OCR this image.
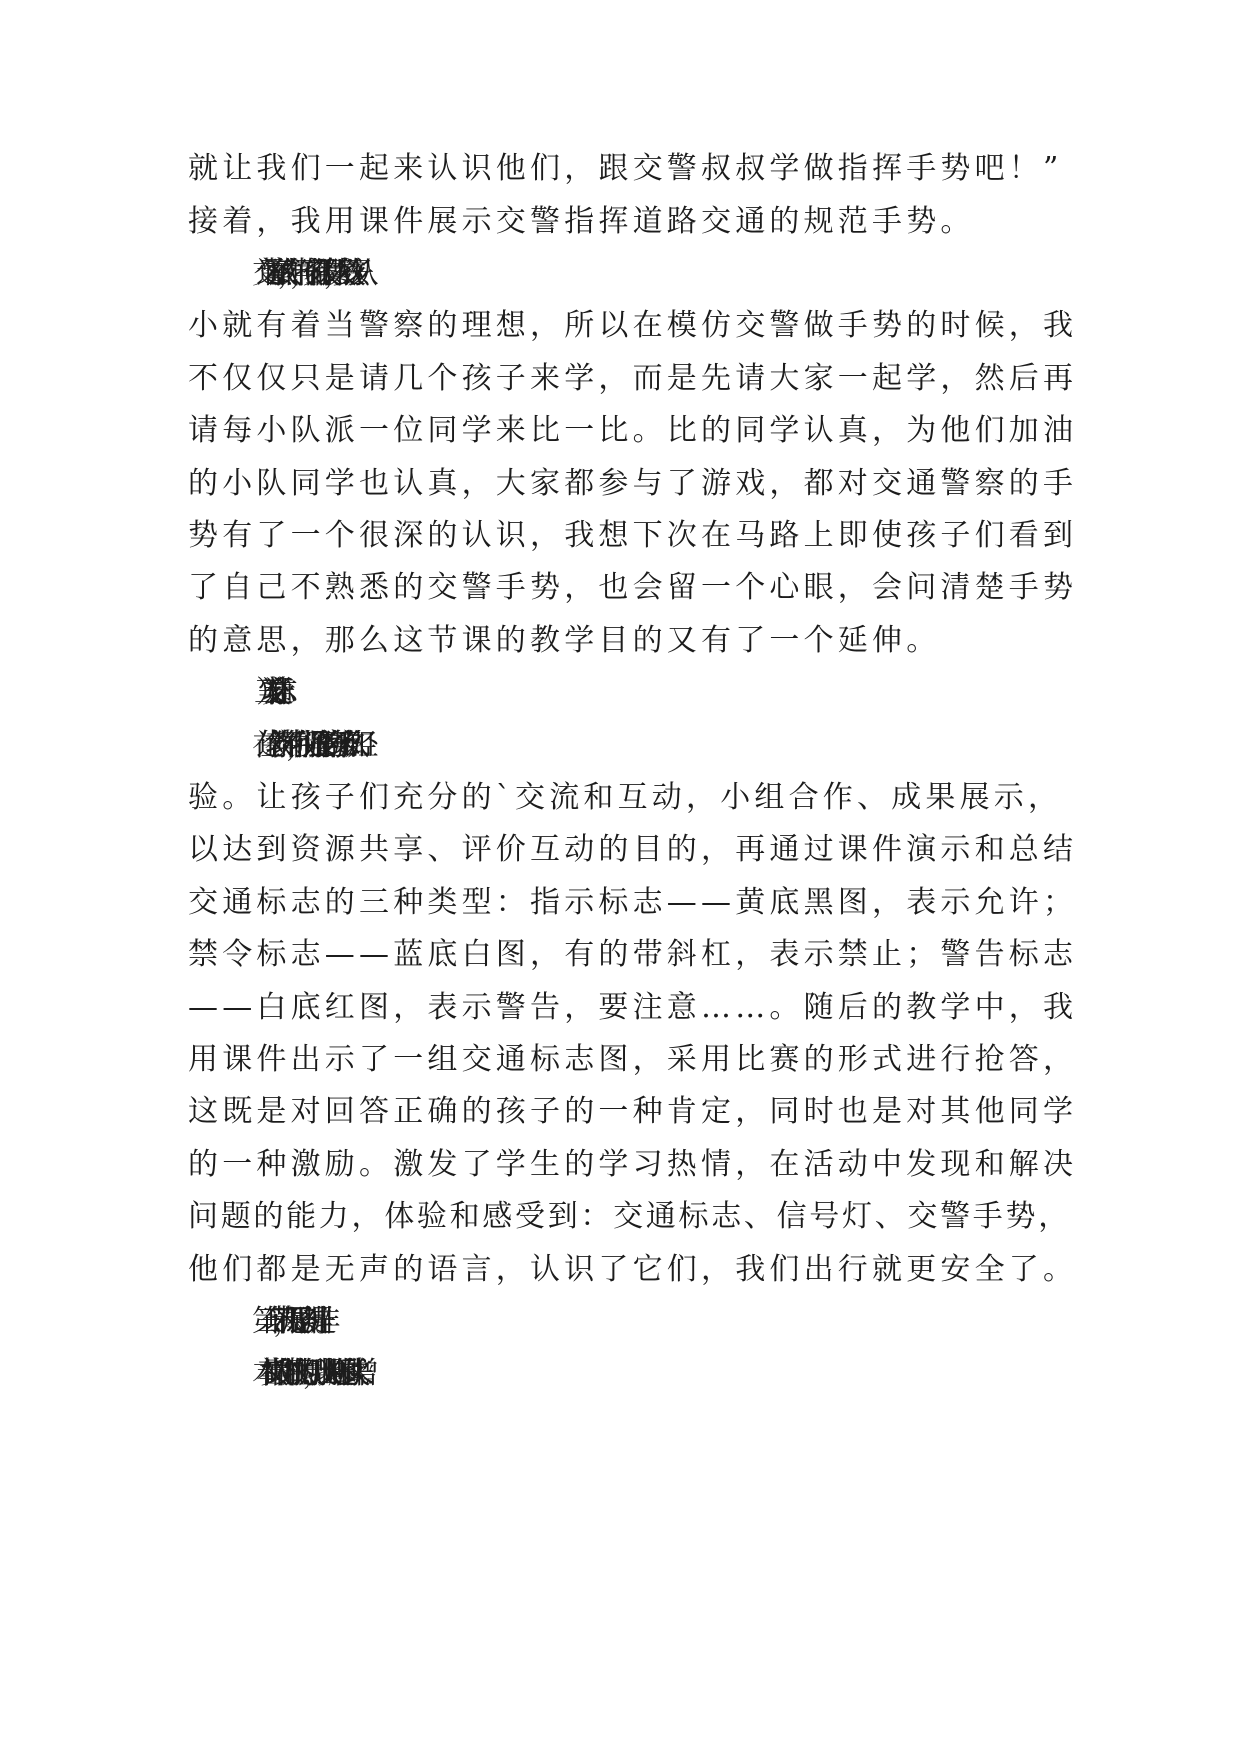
就让我们一起来认识他们，跟交警叔叔学做指挥手势吧！”
接着，我用课件展示交警指挥道路交通的规范手势。
交通警察威武，神气，孩子们都很崇拜，大多数孩子从
小就有着当警察的理想，所以在模仿交警做手势的时候，我
不仅仅只是请几个孩子来学，而是先请大家一起学，然后再
请每小队派一位同学来比一比。比的同学认真，为他们加油
的小队同学也认真，大家都参与了游戏，都对交通警察的手
势有了一个很深的认识，我想下次在马路上即使孩子们看到
了自己不熟悉的交警手势，也会留一个心眼，会问清楚手势
的意思，那么这节课的教学目的又有了一个延伸。
（三）学习交通标志
在这个教学环节中，我们强调孩子的亲身经历和认知经
验。让孩子们充分的`交流和互动，小组合作、成果展示，
以达到资源共享、评价互动的目的，再通过课件演示和总结
交通标志的三种类型：指示标志——黄底黑图，表示允许；
禁令标志——蓝底白图，有的带斜杠，表示禁止；警告标志
——白底红图，表示警告，要注意……。随后的教学中，我
用课件出示了一组交通标志图，采用比赛的形式进行抢答，
这既是对回答正确的孩子的一种肯定，同时也是对其他同学
的一种激励。激发了学生的学习热情，在活动中发现和解决
问题的能力，体验和感受到：交通标志、信号灯、交警手势，
他们都是无声的语言，认识了它们，我们出行就更安全了。
第三个环节，拓展思路、明辨是非。
本着实践性和开放性的原则，我以出判断题的形式来增
